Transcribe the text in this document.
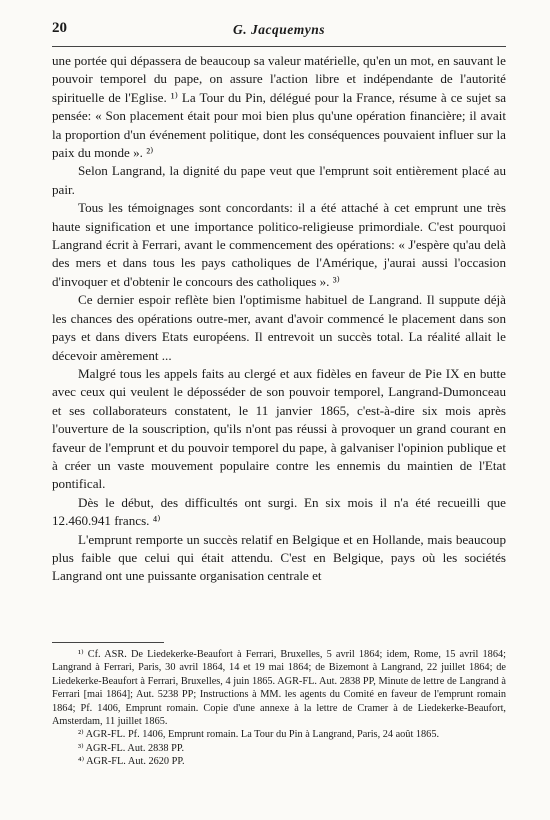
20	G. Jacquemyns

une portée qui dépassera de beaucoup sa valeur matérielle, qu'en un mot, en sauvant le pouvoir temporel du pape, on assure l'action libre et indépendante de l'autorité spirituelle de l'Eglise. ¹⁾ La Tour du Pin, délégué pour la France, résume à ce sujet sa pensée: « Son placement était pour moi bien plus qu'une opération financière; il avait la proportion d'un événement politique, dont les conséquences pouvaient influer sur la paix du monde ». ²⁾

Selon Langrand, la dignité du pape veut que l'emprunt soit entièrement placé au pair.

Tous les témoignages sont concordants: il a été attaché à cet emprunt une très haute signification et une importance politico-religieuse primordiale. C'est pourquoi Langrand écrit à Ferrari, avant le commencement des opérations: « J'espère qu'au delà des mers et dans tous les pays catholiques de l'Amérique, j'aurai aussi l'occasion d'invoquer et d'obtenir le concours des catholiques ». ³⁾

Ce dernier espoir reflète bien l'optimisme habituel de Langrand. Il suppute déjà les chances des opérations outre-mer, avant d'avoir commencé le placement dans son pays et dans divers Etats européens. Il entrevoit un succès total. La réalité allait le décevoir amèrement ...

Malgré tous les appels faits au clergé et aux fidèles en faveur de Pie IX en butte avec ceux qui veulent le déposséder de son pouvoir temporel, Langrand-Dumonceau et ses collaborateurs constatent, le 11 janvier 1865, c'est-à-dire six mois après l'ouverture de la souscription, qu'ils n'ont pas réussi à provoquer un grand courant en faveur de l'emprunt et du pouvoir temporel du pape, à galvaniser l'opinion publique et à créer un vaste mouvement populaire contre les ennemis du maintien de l'Etat pontifical.

Dès le début, des difficultés ont surgi. En six mois il n'a été recueilli que 12.460.941 francs. ⁴⁾

L'emprunt remporte un succès relatif en Belgique et en Hollande, mais beaucoup plus faible que celui qui était attendu. C'est en Belgique, pays où les sociétés Langrand ont une puissante organisation centrale et

¹⁾ Cf. ASR. De Liedekerke-Beaufort à Ferrari, Bruxelles, 5 avril 1864; idem, Rome, 15 avril 1864; Langrand à Ferrari, Paris, 30 avril 1864, 14 et 19 mai 1864; de Bizemont à Langrand, 22 juillet 1864; de Liedekerke-Beaufort à Ferrari, Bruxelles, 4 juin 1865. AGR-FL. Aut. 2838 PP, Minute de lettre de Langrand à Ferrari [mai 1864]; Aut. 5238 PP; Instructions à MM. les agents du Comité en faveur de l'emprunt romain 1864; Pf. 1406, Emprunt romain. Copie d'une annexe à la lettre de Cramer à de Liedekerke-Beaufort, Amsterdam, 11 juillet 1865.

²⁾ AGR-FL. Pf. 1406, Emprunt romain. La Tour du Pin à Langrand, Paris, 24 août 1865.

³⁾ AGR-FL. Aut. 2838 PP.

⁴⁾ AGR-FL. Aut. 2620 PP.
